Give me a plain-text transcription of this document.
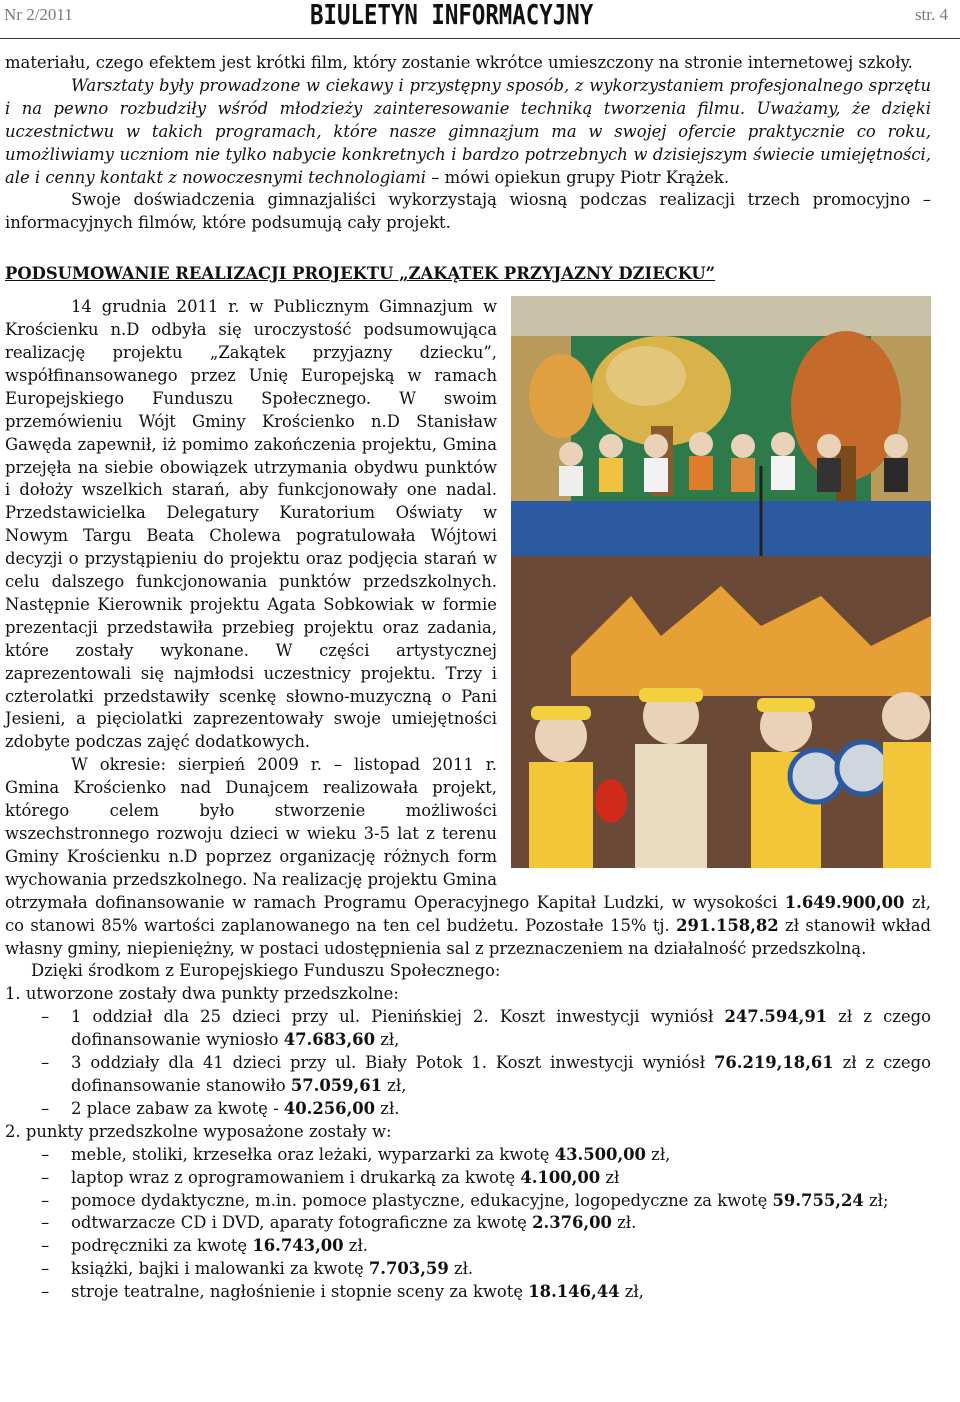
Nr 2/2011	BIULETYN INFORMACYJNY	str. 4

materiału, czego efektem jest krótki film, który zostanie wkrótce umieszczony na stronie internetowej szkoły.

Warsztaty były prowadzone w ciekawy i przystępny sposób, z wykorzystaniem profesjonalnego sprzętu i na pewno rozbudziły wśród młodzieży zainteresowanie techniką tworzenia filmu. Uważamy, że dzięki uczestnictwu w takich programach, które nasze gimnazjum ma w swojej ofercie praktycznie co roku, umożliwiamy uczniom nie tylko nabycie konkretnych i bardzo potrzebnych w dzisiejszym świecie umiejętności, ale i cenny kontakt z nowoczesnymi technologiami – mówi opiekun grupy Piotr Krążek.

Swoje doświadczenia gimnazjaliści wykorzystają wiosną podczas realizacji trzech promocyjno – informacyjnych filmów, które podsumują cały projekt.

PODSUMOWANIE REALIZACJI PROJEKTU „ZAKĄTEK PRZYJAZNY DZIECKU”

14 grudnia 2011 r. w Publicznym Gimnazjum w Krościenku n.D odbyła się uroczystość podsumowująca realizację projektu „Zakątek przyjazny dziecku”, współfinansowanego przez Unię Europejską w ramach Europejskiego Funduszu Społecznego. W swoim przemówieniu Wójt Gminy Krościenko n.D Stanisław Gawęda zapewnił, iż pomimo zakończenia projektu, Gmina przejęła na siebie obowiązek utrzymania obydwu punktów i dołoży wszelkich starań, aby funkcjonowały one nadal. Przedstawicielka Delegatury Kuratorium Oświaty w Nowym Targu Beata Cholewa pogratulowała Wójtowi decyzji o przystąpieniu do projektu oraz podjęcia starań w celu dalszego funkcjonowania punktów przedszkolnych. Następnie Kierownik projektu Agata Sobkowiak w formie prezentacji przedstawiła przebieg projektu oraz zadania, które zostały wykonane. W części artystycznej zaprezentowali się najmłodsi uczestnicy projektu. Trzy i czterolatki przedstawiły scenkę słowno-muzyczną o Pani Jesieni, a pięciolatki zaprezentowały swoje umiejętności zdobyte podczas zajęć dodatkowych.

W okresie: sierpień 2009 r. – listopad 2011 r. Gmina Krościenko nad Dunajcem realizowała projekt, którego celem było stworzenie możliwości wszechstronnego rozwoju dzieci w wieku 3-5 lat z terenu Gminy Krościenku n.D poprzez organizację różnych form wychowania przedszkolnego. Na realizację projektu Gmina otrzymała dofinansowanie w ramach Programu Operacyjnego Kapitał Ludzki, w wysokości 1.649.900,00 zł, co stanowi 85% wartości zaplanowanego na ten cel budżetu. Pozostałe 15% tj. 291.158,82 zł stanowił wkład własny gminy, niepieniężny, w postaci udostępnienia sal z przeznaczeniem na działalność przedszkolną.

Dzięki środkom z Europejskiego Funduszu Społecznego:

1. utworzone zostały dwa punkty przedszkolne:

– 1 oddział dla 25 dzieci przy ul. Pienińskiej 2. Koszt inwestycji wyniósł 247.594,91 zł z czego dofinansowanie wyniosło 47.683,60 zł,
– 3 oddziały dla 41 dzieci przy ul. Biały Potok 1. Koszt inwestycji wyniósł 76.219,18,61 zł z czego dofinansowanie stanowiło 57.059,61 zł,
– 2 place zabaw za kwotę - 40.256,00 zł.

2. punkty przedszkolne wyposażone zostały w:

– meble, stoliki, krzesełka oraz leżaki, wyparzarki za kwotę 43.500,00 zł,
– laptop wraz z oprogramowaniem i drukarką za kwotę 4.100,00 zł
– pomoce dydaktyczne, m.in. pomoce plastyczne, edukacyjne, logopedyczne za kwotę 59.755,24 zł;
– odtwarzacze CD i DVD, aparaty fotograficzne za kwotę 2.376,00 zł.
– podręczniki za kwotę 16.743,00 zł.
– książki, bajki i malowanki za kwotę 7.703,59 zł.
– stroje teatralne, nagłośnienie i stopnie sceny za kwotę 18.146,44 zł,
